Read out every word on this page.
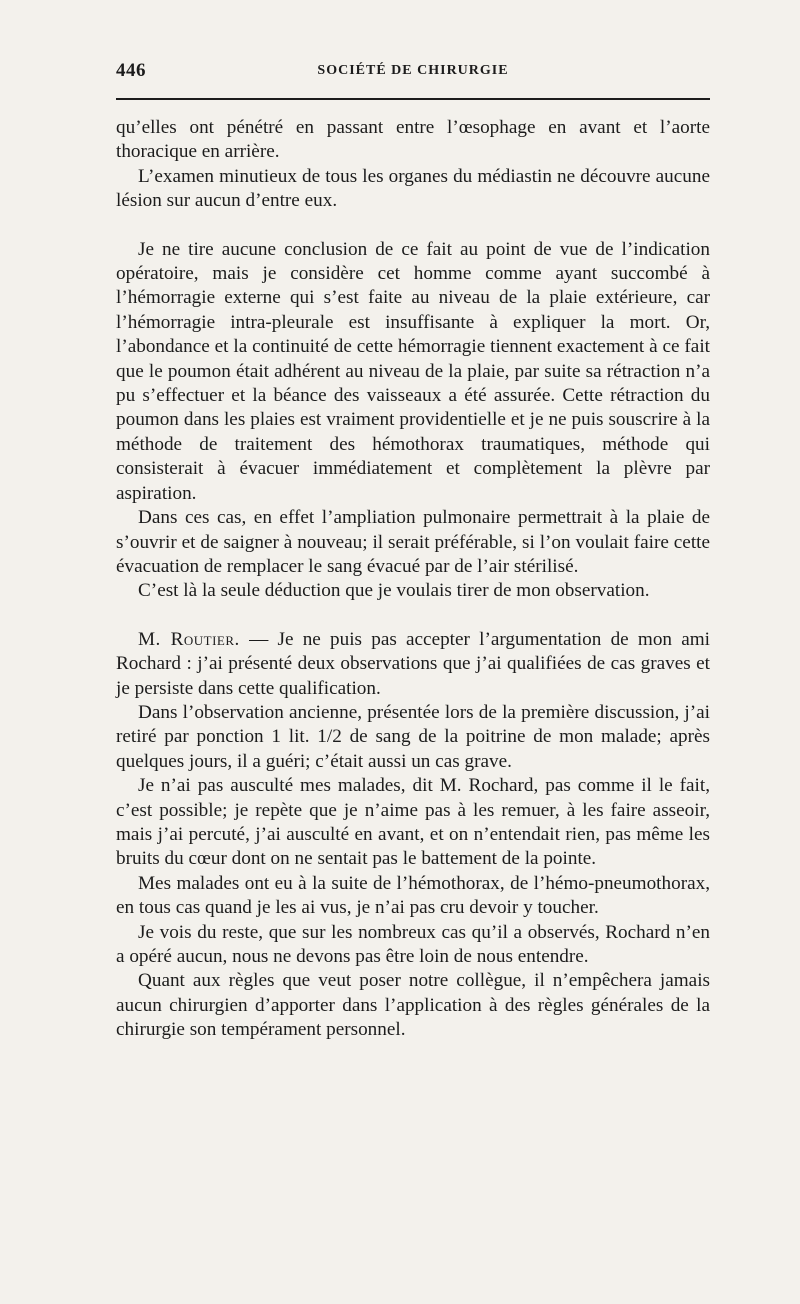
446	SOCIÉTÉ DE CHIRURGIE

qu’elles ont pénétré en passant entre l’œsophage en avant et l’aorte thoracique en arrière.

L’examen minutieux de tous les organes du médiastin ne découvre aucune lésion sur aucun d’entre eux.

Je ne tire aucune conclusion de ce fait au point de vue de l’indication opératoire, mais je considère cet homme comme ayant succombé à l’hémorragie externe qui s’est faite au niveau de la plaie extérieure, car l’hémorragie intra-pleurale est insuffisante à expliquer la mort. Or, l’abondance et la continuité de cette hémorragie tiennent exactement à ce fait que le poumon était adhérent au niveau de la plaie, par suite sa rétraction n’a pu s’effectuer et la béance des vaisseaux a été assurée. Cette rétraction du poumon dans les plaies est vraiment providentielle et je ne puis souscrire à la méthode de traitement des hémothorax traumatiques, méthode qui consisterait à évacuer immédiatement et complètement la plèvre par aspiration.

Dans ces cas, en effet l’ampliation pulmonaire permettrait à la plaie de s’ouvrir et de saigner à nouveau; il serait préférable, si l’on voulait faire cette évacuation de remplacer le sang évacué par de l’air stérilisé.

C’est là la seule déduction que je voulais tirer de mon observation.

M. Routier. — Je ne puis pas accepter l’argumentation de mon ami Rochard : j’ai présenté deux observations que j’ai qualifiées de cas graves et je persiste dans cette qualification.

Dans l’observation ancienne, présentée lors de la première discussion, j’ai retiré par ponction 1 lit. 1/2 de sang de la poitrine de mon malade; après quelques jours, il a guéri; c’était aussi un cas grave.

Je n’ai pas ausculté mes malades, dit M. Rochard, pas comme il le fait, c’est possible; je repète que je n’aime pas à les remuer, à les faire asseoir, mais j’ai percuté, j’ai ausculté en avant, et on n’entendait rien, pas même les bruits du cœur dont on ne sentait pas le battement de la pointe.

Mes malades ont eu à la suite de l’hémothorax, de l’hémo-pneumothorax, en tous cas quand je les ai vus, je n’ai pas cru devoir y toucher.

Je vois du reste, que sur les nombreux cas qu’il a observés, Rochard n’en a opéré aucun, nous ne devons pas être loin de nous entendre.

Quant aux règles que veut poser notre collègue, il n’empêchera jamais aucun chirurgien d’apporter dans l’application à des règles générales de la chirurgie son tempérament personnel.
